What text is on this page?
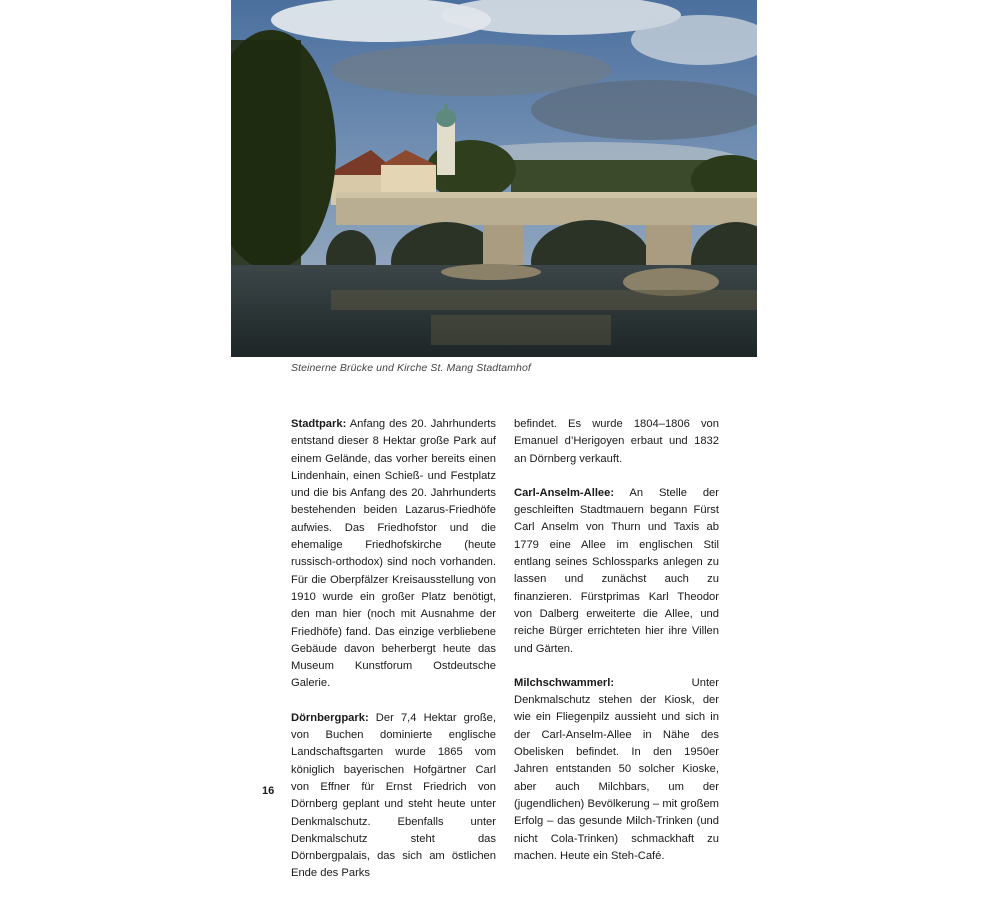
Steinerne Brücke und Kirche St. Mang Stadtamhof

Stadtpark: Anfang des 20. Jahrhunderts entstand dieser 8 Hektar große Park auf einem Gelände, das vorher bereits einen Lindenhain, einen Schieß- und Festplatz und die bis Anfang des 20. Jahrhunderts bestehenden beiden Lazarus-Friedhöfe aufwies. Das Friedhofstor und die ehemalige Friedhofskirche (heute russisch-orthodox) sind noch vorhanden. Für die Oberpfälzer Kreisausstellung von 1910 wurde ein großer Platz benötigt, den man hier (noch mit Ausnahme der Friedhöfe) fand. Das einzige verbliebene Gebäude davon beherbergt heute das Museum Kunstforum Ostdeutsche Galerie.

Dörnbergpark: Der 7,4 Hektar große, von Buchen dominierte englische Landschaftsgarten wurde 1865 vom königlich bayerischen Hofgärtner Carl von Effner für Ernst Friedrich von Dörnberg geplant und steht heute unter Denkmalschutz. Ebenfalls unter Denkmalschutz steht das Dörnbergpalais, das sich am östlichen Ende des Parks

befindet. Es wurde 1804–1806 von Emanuel d’Herigoyen erbaut und 1832 an Dörnberg verkauft.

Carl-Anselm-Allee: An Stelle der geschleiften Stadtmauern begann Fürst Carl Anselm von Thurn und Taxis ab 1779 eine Allee im englischen Stil entlang seines Schlossparks anlegen zu lassen und zunächst auch zu finanzieren. Fürstprimas Karl Theodor von Dalberg erweiterte die Allee, und reiche Bürger errichteten hier ihre Villen und Gärten.

Milchschwammerl: Unter Denkmalschutz stehen der Kiosk, der wie ein Fliegenpilz aussieht und sich in der Carl-Anselm-Allee in Nähe des Obelisken befindet. In den 1950er Jahren entstanden 50 solcher Kioske, aber auch Milchbars, um der (jugendlichen) Bevölkerung – mit großem Erfolg – das gesunde Milch-Trinken (und nicht Cola-Trinken) schmackhaft zu machen. Heute ein Steh-Café.

16
